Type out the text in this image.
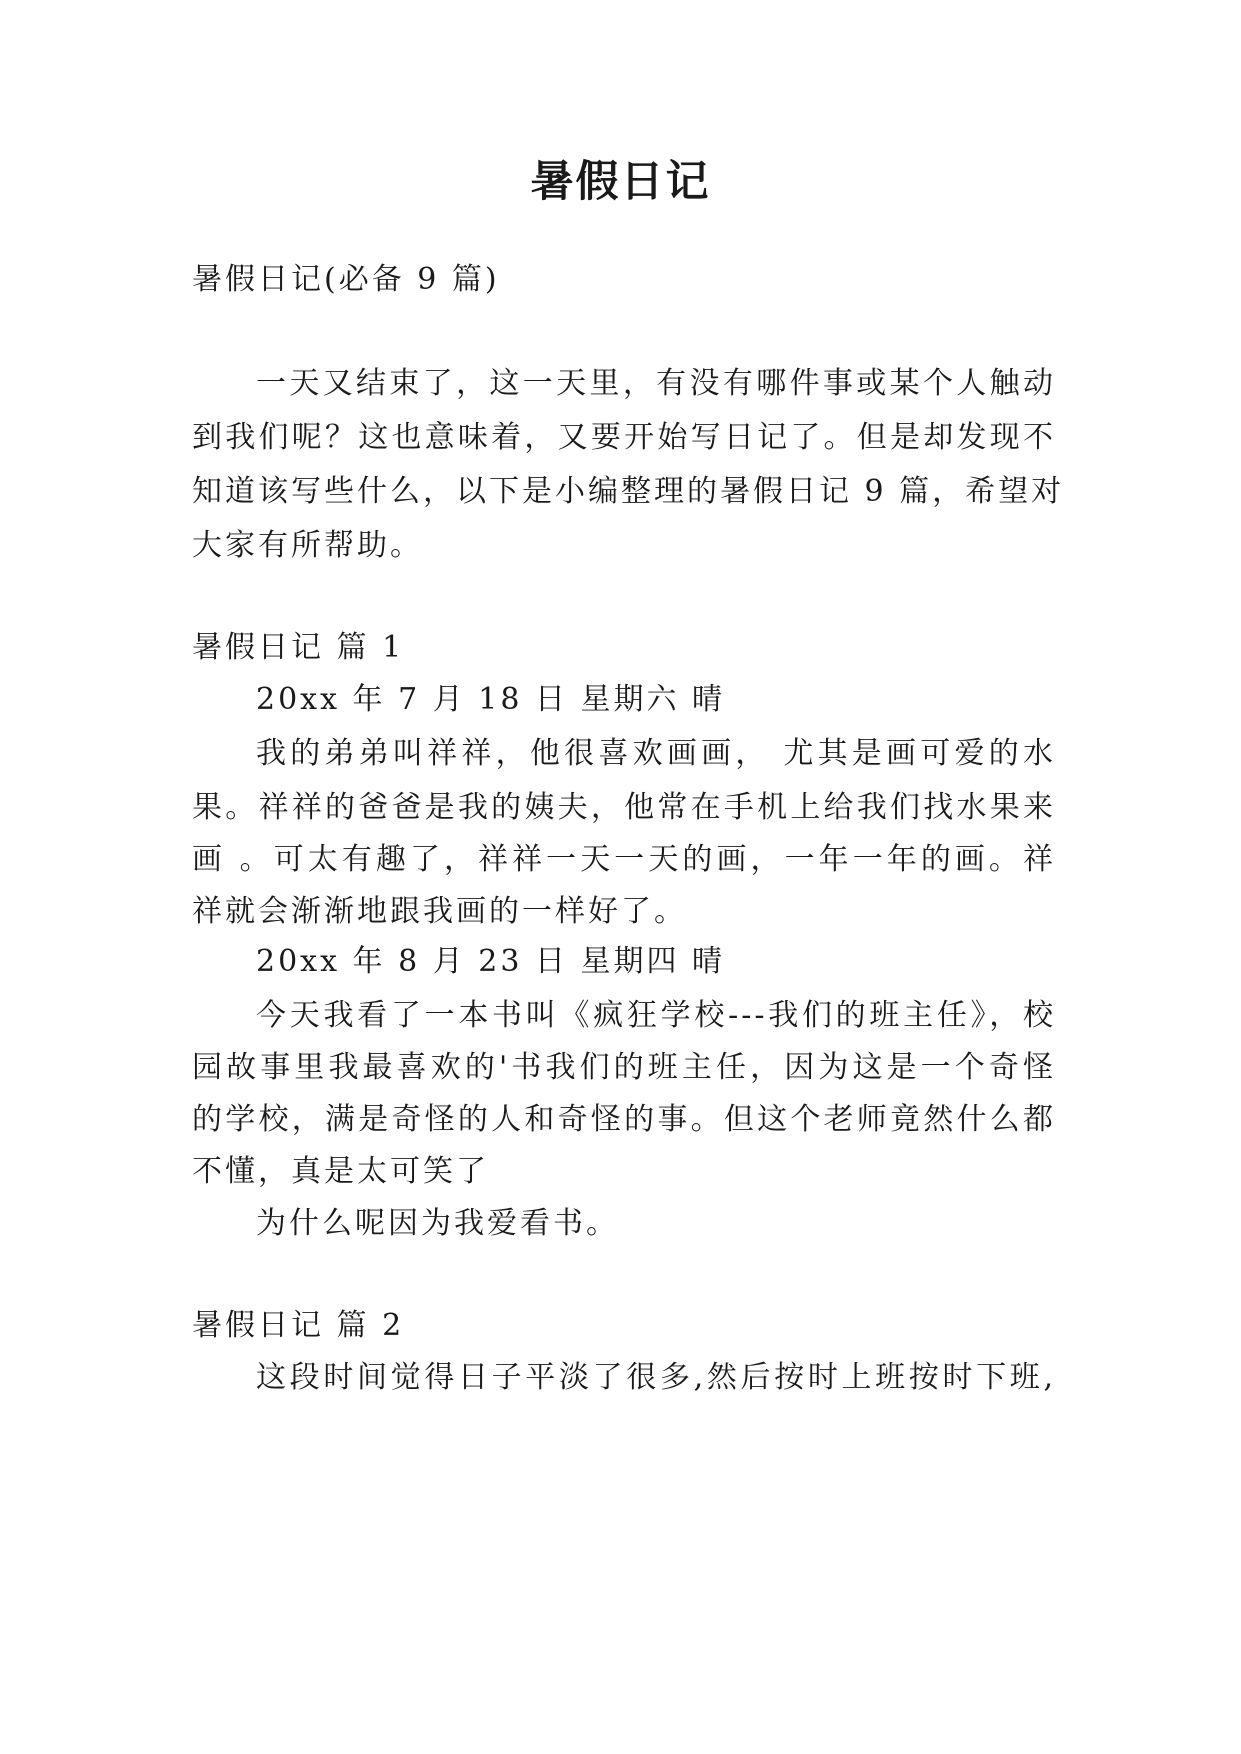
暑假日记
暑假日记(必备 9 篇)
一天又结束了，这一天里，有没有哪件事或某个人触动
到我们呢？这也意味着，又要开始写日记了。但是却发现不
知道该写些什么，以下是小编整理的暑假日记 9 篇，希望对
大家有所帮助。
暑假日记 篇 1
20xx 年 7 月 18 日 星期六 晴
我的弟弟叫祥祥，他很喜欢画画， 尤其是画可爱的水
果。祥祥的爸爸是我的姨夫，他常在手机上给我们找水果来
画 。可太有趣了，祥祥一天一天的画，一年一年的画。祥
祥就会渐渐地跟我画的一样好了。
20xx 年 8 月 23 日 星期四 晴
今天我看了一本书叫《疯狂学校---我们的班主任》，校
园故事里我最喜欢的'书我们的班主任，因为这是一个奇怪
的学校，满是奇怪的人和奇怪的事。但这个老师竟然什么都
不懂，真是太可笑了
为什么呢因为我爱看书。
暑假日记 篇 2
这段时间觉得日子平淡了很多,然后按时上班按时下班,
